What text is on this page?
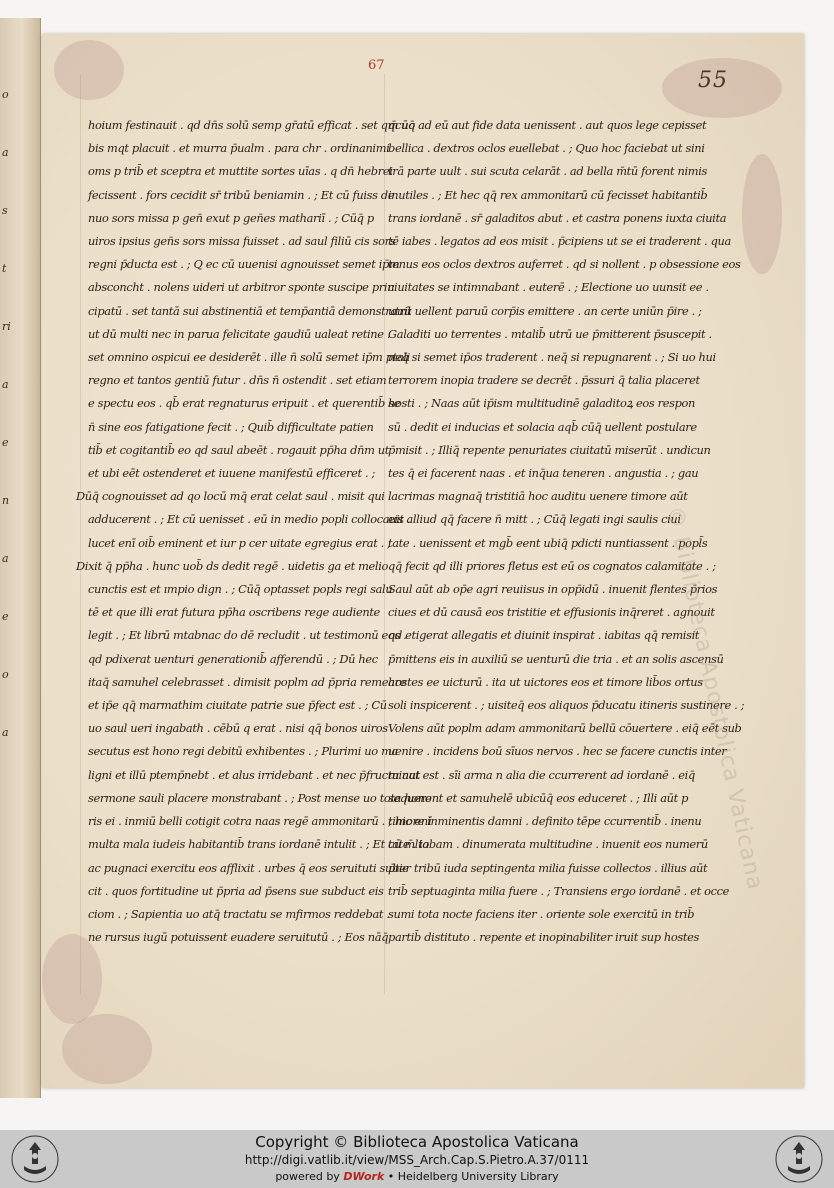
o
a
s
t
ri
a
e
n
a
e
o
a
67
55
hoium festinauit . qd dn̄s solū semp gr̄atū efficat . set qm̄ uo
bis mqt placuit . et murra p̄ualm . para chr . ordinanimi
oms p trib̄ et sceptra et muttite sortes uīas . q dn̄ hebrei
fecissent . fors cecidit sr̄ tribū beniamin . ; Et cū fuiss de
nuo sors missa p gen̄ exut p gen̄es mathariī . ; Cūq̄ p
uiros ipsius gen̄s sors missa fuisset . ad saul filiū cis sors
regni p̄ducta est . ; Q ec cū uuenisi agnouisset semet ip̄m
absconcht . nolens uideri ut arbitror sponte suscipe prin
cipatū . set tantā sui abstinentiā et temp̄antiā demonstrauit
ut dū multi nec in parua felicitate gaudiū ualeat retine .
set omnino ospicui ee desiderēt . ille n̄ solū semet ip̄m ptali
regno et tantos gentiū futur . dn̄s n̄ ostendit . set etiam
e spectu eos . qb̄ erat regnaturus eripuit . et querentib̄ se
n̄ sine eos fatigatione fecit . ; Quib̄ difficultate patien
tib̄ et cogitantib̄ eo qd saul abeēt . rogauit pp̄ha dn̄m ut
et ubi eēt ostenderet et iuuene manifestū efficeret . ;
Dūq̄ cognouisset ad qo locū mq̄ erat celat saul . misit qui
adducerent . ; Et cū uenisset . eū in medio popli collocauit .
lucet enī oib̄ eminent et iur p cer uitate egregius erat . ;
Dixit q̄ pp̄ha . hunc uob̄ ds dedit regē . uidetis ga et melio
cunctis est et ımpio dign . ; Cūq̄ optasset popls regi salu
tē et que illi erat futura pp̄ha oscribens rege audiente
legit . ; Et librū mtabnac do dē recludit . ut testimonū eos .
qd pdixerat uenturi generationib̄ afferendū . ; Dū hec
itaq̄ samuhel celebrasset . dimisit poplm ad p̄pria remeare
et ip̄e qq̄ marmathim ciuitate patrie sue p̄fect est . ; Cū
uo saul ueri ingabath . cēbū q erat . nisi qq̄ bonos uiros
secutus est hono regi debitū exhibentes . ; Plurimi uo ma
ligni et illū ptemp̄nebt . et alus irridebant . et nec p̄fructu aut
sermone sauli placere monstrabant . ; Post mense uo tota hono
ris ei . inmiū belli cotigit cotra naas regē ammonitarū . ; hic enī
multa mala iudeis habitantib̄ trans iordanē intulit . ; Et cū m̄lto
ac pugnaci exercitu eos afflixit . urbes q̄ eos seruituti subie
cit . quos fortitudine ut p̄pria ad p̄sens sue subduct eis
ciom . ; Sapientia uo atq̄ tractatu se mfirmos reddebat .
ne rursus iugū potuissent euadere seruitutū . ; Eos nāq̄
qcūq̄ ad eū aut fide data uenissent . aut quos lege cepisset
bellica . dextros oclos euellebat . ; Quo hoc faciebat ut sini
trā parte uult . sui scuta celarāt . ad bella m̄tū forent nimis
inutiles . ; Et hec qq̄ rex ammonitarū cū fecisset habitantib̄
trans iordanē . sr̄ galaditos abut . et castra ponens iuxta ciuita
tē iabes . legatos ad eos misit . p̄cipiens ut se ei traderent . qua
tenus eos oclos dextros auferret . qd si nollent . p obsessione eos
ciuitates se intimnabant . euterē . ; Electione uo uunsit ee .
utrū uellent paruū corp̄is emittere . an certe uniūn p̄ire . ;
Galaditi uo terrentes . mtalib̄ utrū ue p̄mitterent p̄suscepit .
neq̄ si semet ip̄os traderent . neq̄ si repugnarent . ; Si uo hui
terrorem inopia tradere se decrēt . p̄ssuri q̄ talia placeret
hosti . ; Naas aūt ip̄ism multitudinē galaditoꝝ eos respon
sū . dedit ei inducias et solacia aqb̄ cūq̄ uellent postulare
p̄misit . ; Illiq̄ repente penuriates ciuitatū miserūt . undicun
tes q̄ ei facerent naas . et inq̄ua teneren . angustia . ; gau
lacrimas magnaq̄ tristitiā hoc auditu uenere timore aūt
eis alliud qq̄ facere n̄ mitt . ; Cūq̄ legati ingi saulis ciui
tate . uenissent et mgb̄ eent ubiq̄ pdicti nuntiassent . popl̄s
qq̄ fecit qd illi priores fletus est eū os cognatos calamitate . ;
Saul aūt ab op̄e agri reuiisus in opp̄idū . inuenit flentes p̄rios
ciues et dū causā eos tristitie et effusionis inq̄reret . agnouit
qd etigerat allegatis et diuinit inspirat . iabitas qq̄ remisit
p̄mittens eis in auxiliū se uenturū die tria . et an solis ascensū
hostes ee uicturū . ita ut uictores eos et timore lib̄os ortus
soli inspicerent . ; uisiteq̄ eos aliquos p̄ducatu itineris sustinere . ;
Volens aūt poplm adam ammonitarū bellū cōuertere . eiq̄ eēt sub
uenire . incidens boū sīuos nervos . hec se facere cunctis inter
minat est . sīi arma n alia die ccurrerent ad iordanē . eiq̄
sequerent et samuhelē ubicūq̄ eos educeret . ; Illi aūt p
timore inminentis damni . definito tēpe ccurrentib̄ . inenu
tate . iabam . dinumerata multitudine . inuenit eos numerū
p̄ter tribū iuda septingenta milia fuisse collectos . illius aūt
trib̄ septuaginta milia fuere . ; Transiens ergo iordanē . et occe
sumi tota nocte faciens iter . oriente sole exercitū in trib̄
partib̄ distituto . repente et inopinabiliter iruit sup hostes
© Biblioteca Apostolica Vaticana
Copyright © Biblioteca Apostolica Vaticana
http://digi.vatlib.it/view/MSS_Arch.Cap.S.Pietro.A.37/0111
powered by DWork • Heidelberg University Library
